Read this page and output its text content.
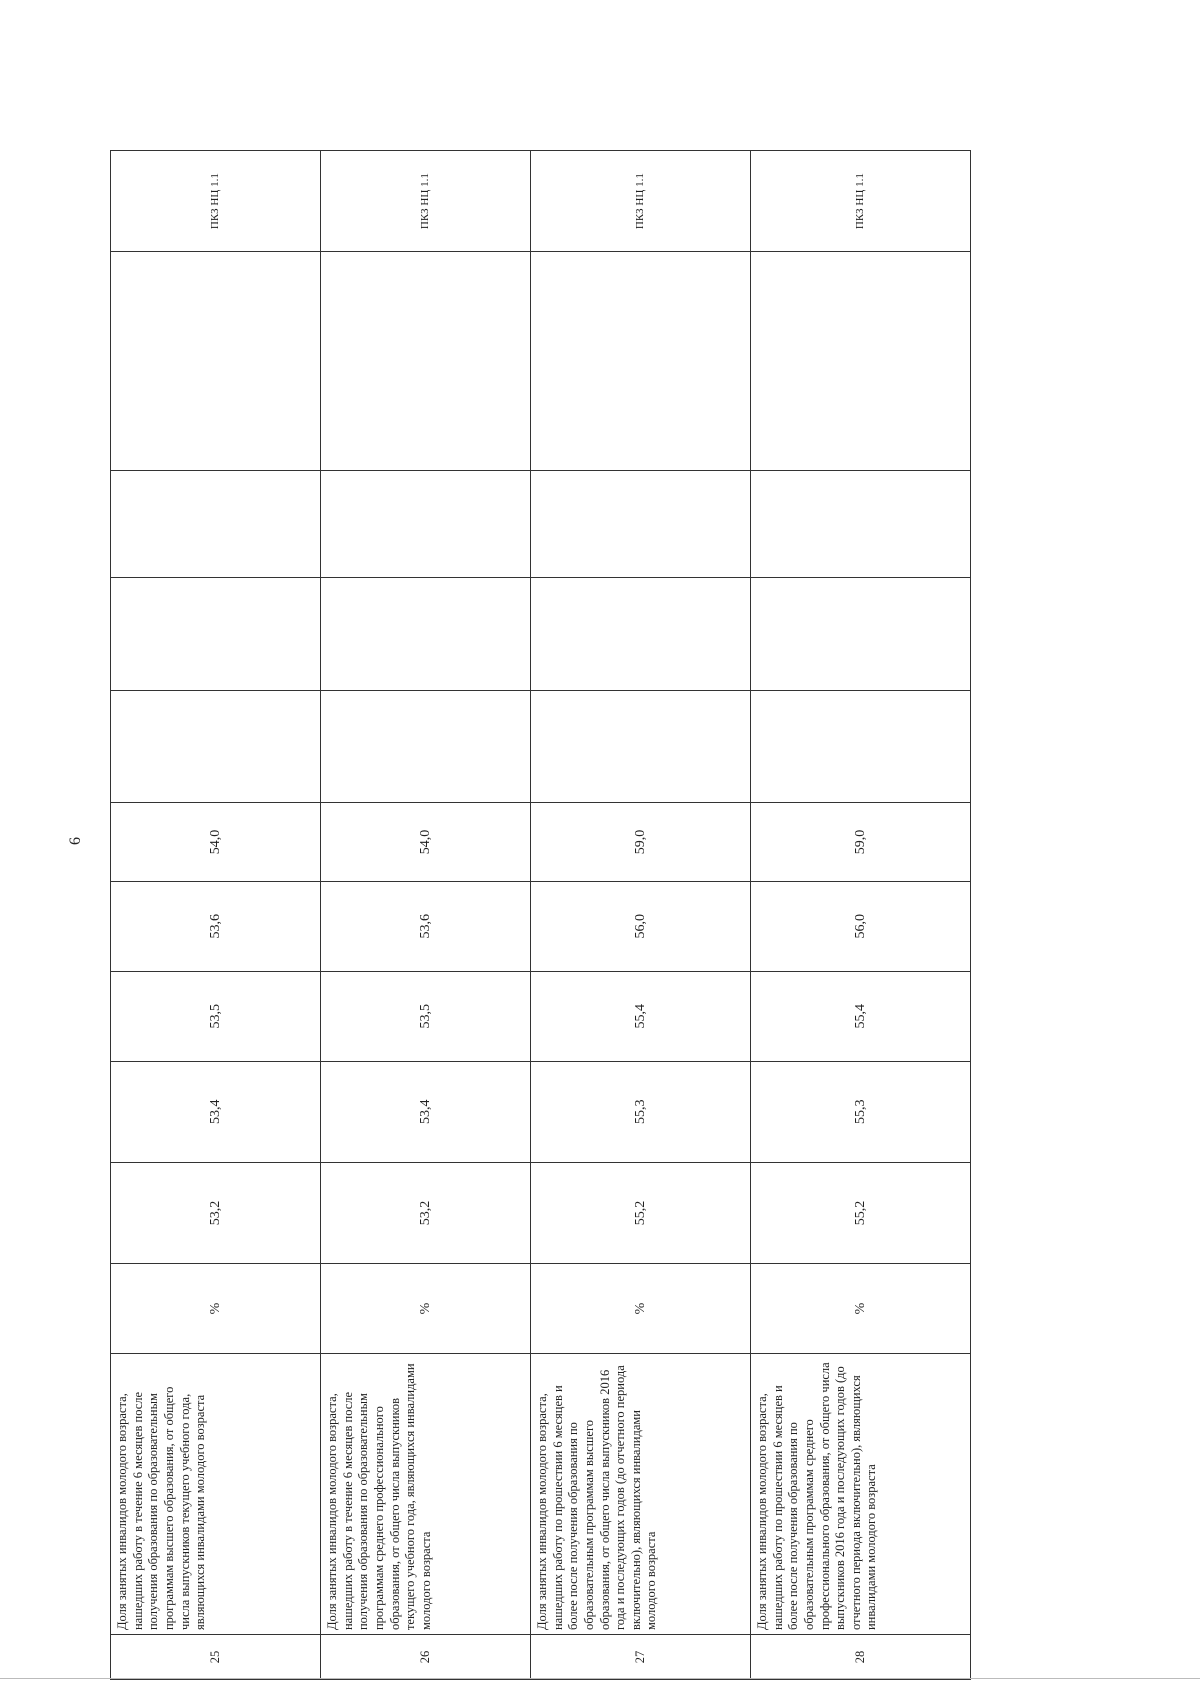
6
25	Доля занятых инвалидов молодого возраста, нашедших работу в течение 6 месяцев после получения образования по образовательным программам высшего образования, от общего числа выпускников текущего учебного года, являющихся инвалидами молодого возраста	%	53,2	53,4	53,5	53,6	54,0					ПКЗ НЦ 1.1
26	Доля занятых инвалидов молодого возраста, нашедших работу в течение 6 месяцев после получения образования по образовательным программам среднего профессионального образования, от общего числа выпускников текущего учебного года, являющихся инвалидами молодого возраста	%	53,2	53,4	53,5	53,6	54,0					ПКЗ НЦ 1.1
27	Доля занятых инвалидов молодого возраста, нашедших работу по прошествии 6 месяцев и более после получения образования по образовательным программам высшего образования, от общего числа выпускников 2016 года и последующих годов (до отчетного периода включительно), являющихся инвалидами молодого возраста	%	55,2	55,3	55,4	56,0	59,0					ПКЗ НЦ 1.1
28	Доля занятых инвалидов молодого возраста, нашедших работу по прошествии 6 месяцев и более после получения образования по образовательным программам среднего профессионального образования, от общего числа выпускников 2016 года и последующих годов (до отчетного периода включительно), являющихся инвалидами молодого возраста	%	55,2	55,3	55,4	56,0	59,0					ПКЗ НЦ 1.1
